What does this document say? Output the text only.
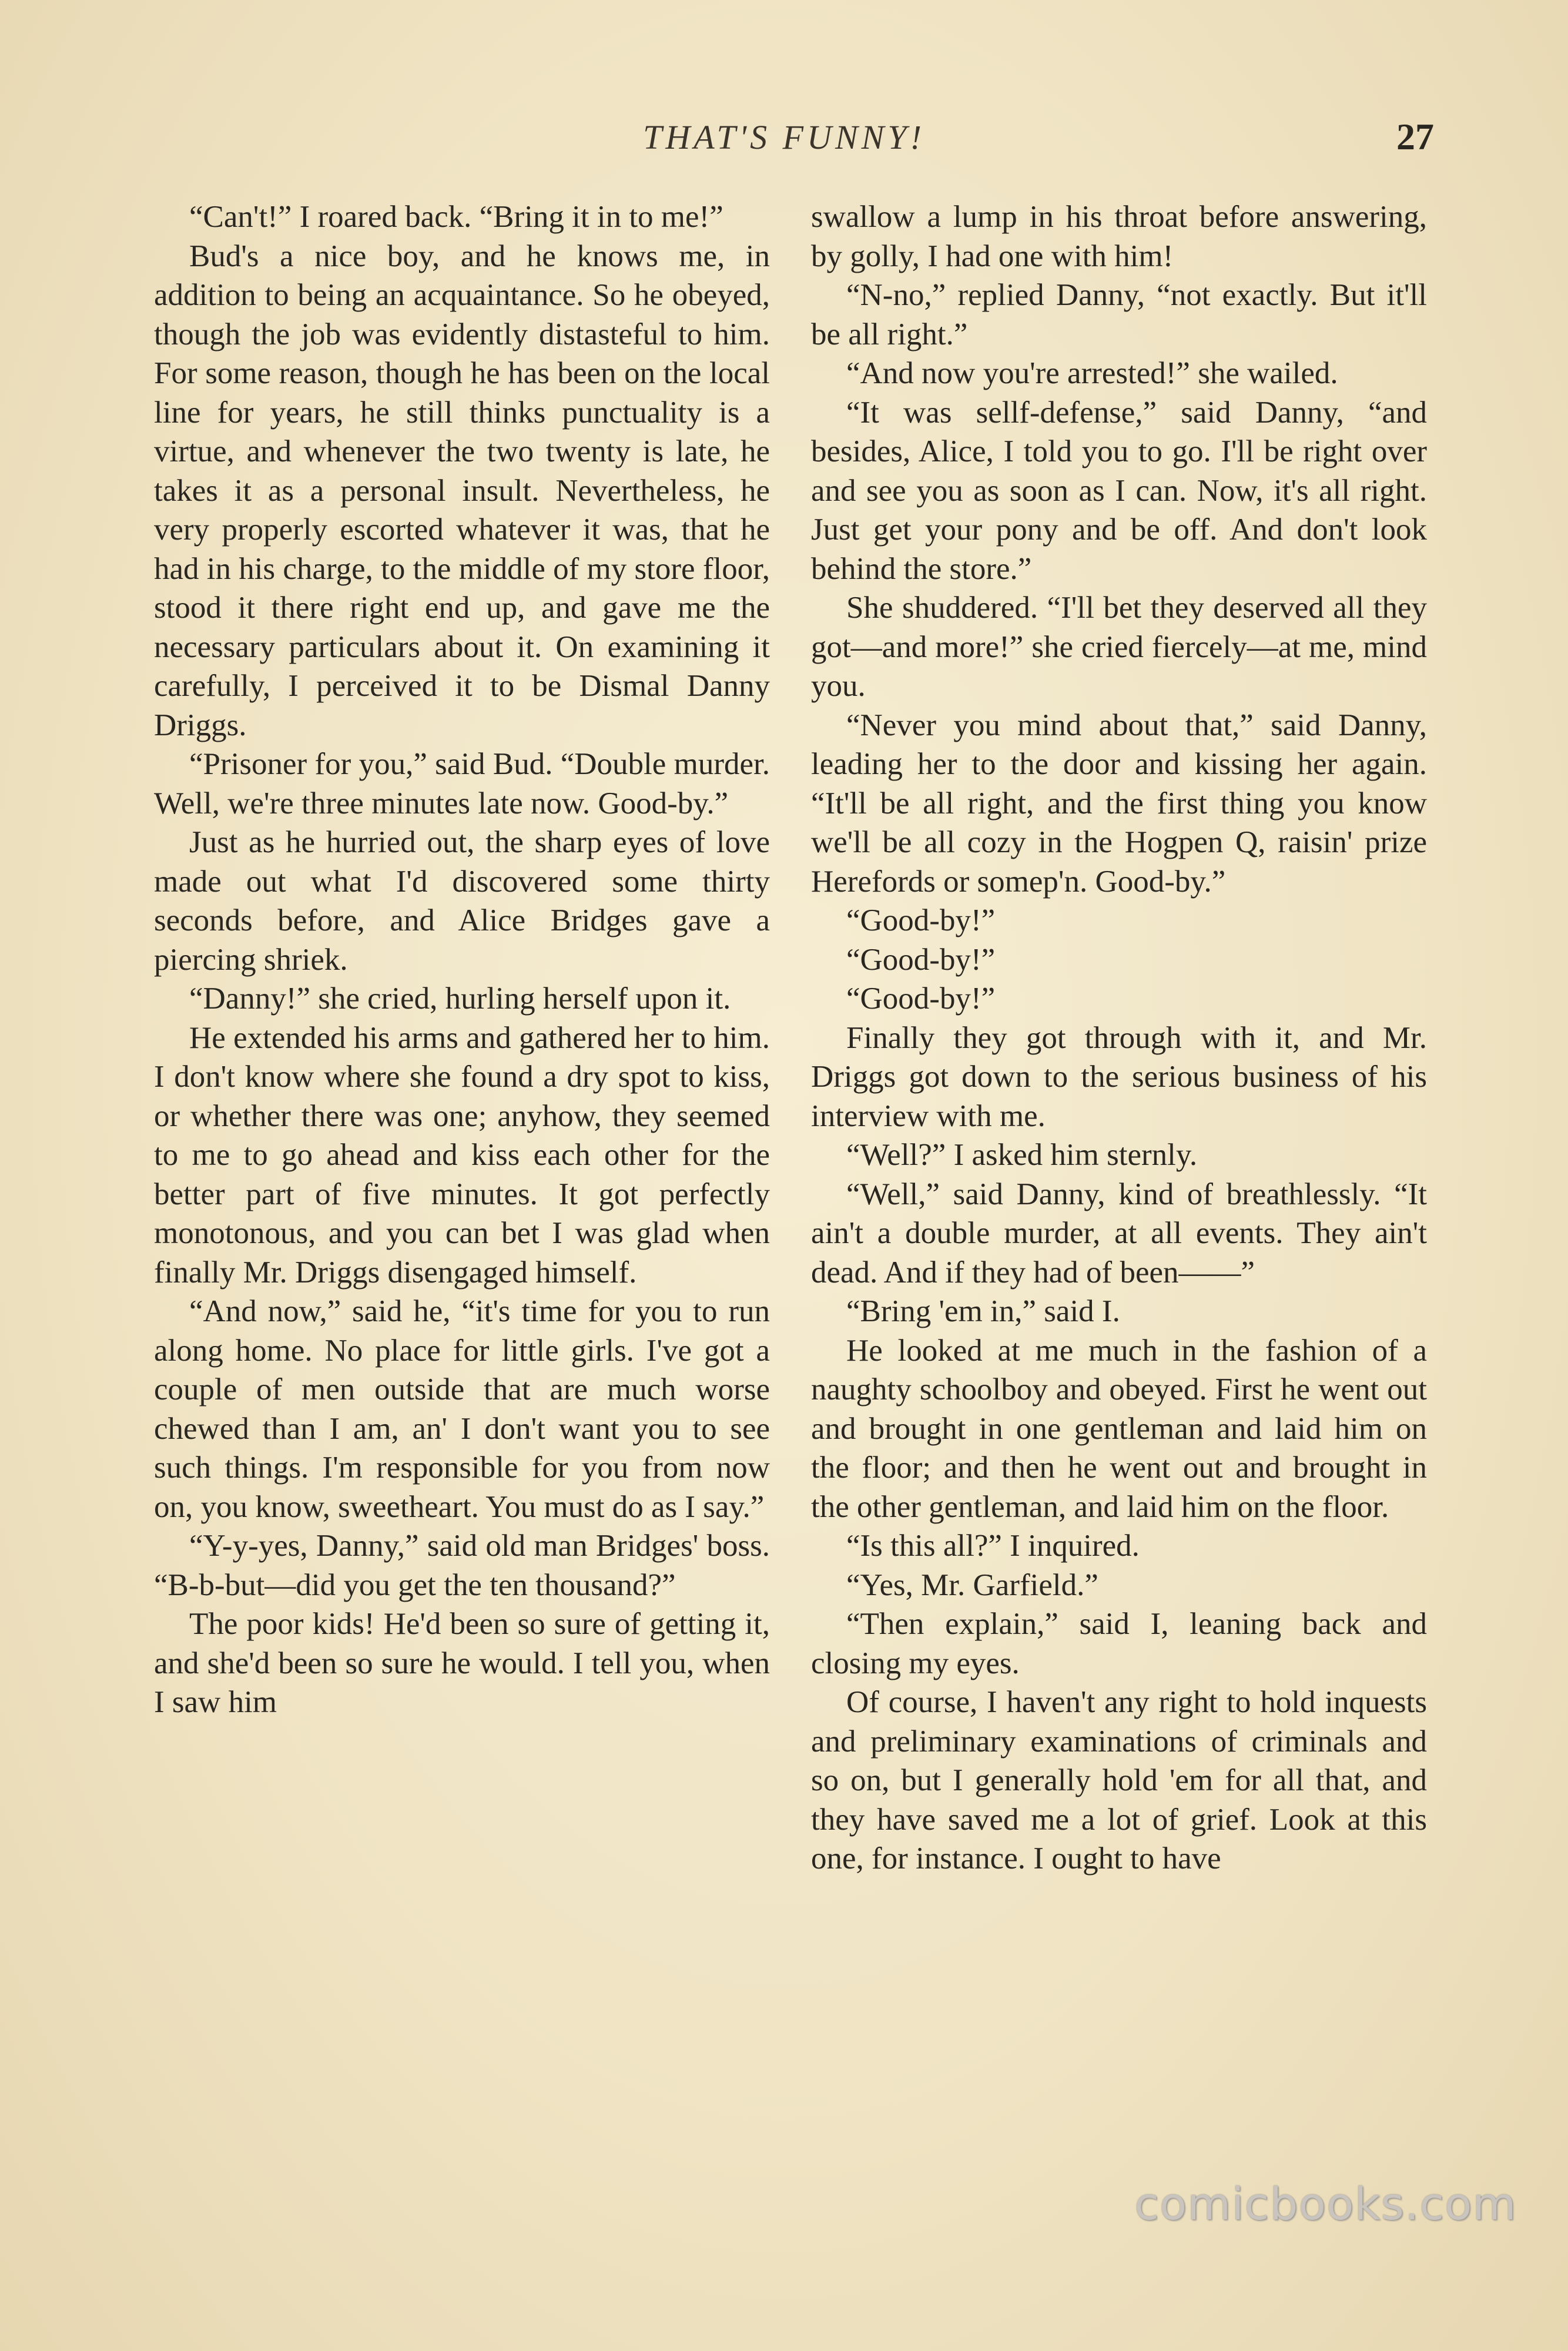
THAT'S FUNNY!	27

“Can't!” I roared back. “Bring it in to me!”

Bud's a nice boy, and he knows me, in addition to being an acquaintance. So he obeyed, though the job was evidently distasteful to him. For some reason, though he has been on the local line for years, he still thinks punctuality is a virtue, and whenever the two twenty is late, he takes it as a personal insult. Nevertheless, he very properly escorted whatever it was, that he had in his charge, to the middle of my store floor, stood it there right end up, and gave me the necessary particulars about it. On examining it carefully, I perceived it to be Dismal Danny Driggs.

“Prisoner for you,” said Bud. “Double murder. Well, we're three minutes late now. Good-by.”

Just as he hurried out, the sharp eyes of love made out what I'd discovered some thirty seconds before, and Alice Bridges gave a piercing shriek.

“Danny!” she cried, hurling herself upon it.

He extended his arms and gathered her to him. I don't know where she found a dry spot to kiss, or whether there was one; anyhow, they seemed to me to go ahead and kiss each other for the better part of five minutes. It got perfectly monotonous, and you can bet I was glad when finally Mr. Driggs disengaged himself.

“And now,” said he, “it's time for you to run along home. No place for little girls. I've got a couple of men outside that are much worse chewed than I am, an' I don't want you to see such things. I'm responsible for you from now on, you know, sweetheart. You must do as I say.”

“Y-y-yes, Danny,” said old man Bridges' boss. “B-b-but—did you get the ten thousand?”

The poor kids! He'd been so sure of getting it, and she'd been so sure he would. I tell you, when I saw him

swallow a lump in his throat before answering, by golly, I had one with him!

“N-no,” replied Danny, “not exactly. But it'll be all right.”

“And now you're arrested!” she wailed.

“It was sellf-defense,” said Danny, “and besides, Alice, I told you to go. I'll be right over and see you as soon as I can. Now, it's all right. Just get your pony and be off. And don't look behind the store.”

She shuddered. “I'll bet they deserved all they got—and more!” she cried fiercely—at me, mind you.

“Never you mind about that,” said Danny, leading her to the door and kissing her again. “It'll be all right, and the first thing you know we'll be all cozy in the Hogpen Q, raisin' prize Herefords or somep'n. Good-by.”

“Good-by!”

“Good-by!”

“Good-by!”

Finally they got through with it, and Mr. Driggs got down to the serious business of his interview with me.

“Well?” I asked him sternly.

“Well,” said Danny, kind of breathlessly. “It ain't a double murder, at all events. They ain't dead. And if they had of been——”

“Bring 'em in,” said I.

He looked at me much in the fashion of a naughty schoolboy and obeyed. First he went out and brought in one gentleman and laid him on the floor; and then he went out and brought in the other gentleman, and laid him on the floor.

“Is this all?” I inquired.

“Yes, Mr. Garfield.”

“Then explain,” said I, leaning back and closing my eyes.

Of course, I haven't any right to hold inquests and preliminary examinations of criminals and so on, but I generally hold 'em for all that, and they have saved me a lot of grief. Look at this one, for instance. I ought to have

comicbooks.com
